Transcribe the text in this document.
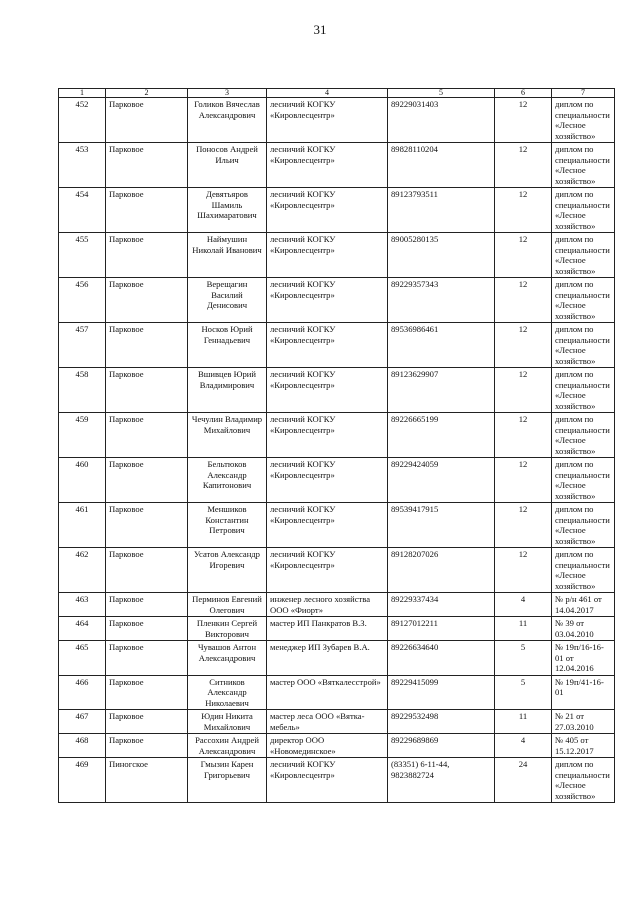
31
1	2	3	4	5	6	7
452	Парковое	Голиков Вячеслав Александрович	лесничий КОГКУ «Кировлесцентр»	89229031403	12	диплом по специальности «Лесное хозяйство»
453	Парковое	Поносов Андрей Ильич	лесничий КОГКУ «Кировлесцентр»	89828110204	12	диплом по специальности «Лесное хозяйство»
454	Парковое	Девятьяров Шамиль Шахимаратович	лесничий КОГКУ «Кировлесцентр»	89123793511	12	диплом по специальности «Лесное хозяйство»
455	Парковое	Наймушин Николай Иванович	лесничий КОГКУ «Кировлесцентр»	89005280135	12	диплом по специальности «Лесное хозяйство»
456	Парковое	Верещагин Василий Денисович	лесничий КОГКУ «Кировлесцентр»	89229357343	12	диплом по специальности «Лесное хозяйство»
457	Парковое	Носков Юрий Геннадьевич	лесничий КОГКУ «Кировлесцентр»	89536986461	12	диплом по специальности «Лесное хозяйство»
458	Парковое	Вшивцев Юрий Владимирович	лесничий КОГКУ «Кировлесцентр»	89123629907	12	диплом по специальности «Лесное хозяйство»
459	Парковое	Чечулин Владимир Михайлович	лесничий КОГКУ «Кировлесцентр»	89226665199	12	диплом по специальности «Лесное хозяйство»
460	Парковое	Бельтюков Александр Капитонович	лесничий КОГКУ «Кировлесцентр»	89229424059	12	диплом по специальности «Лесное хозяйство»
461	Парковое	Меншиков Константин Петрович	лесничий КОГКУ «Кировлесцентр»	89539417915	12	диплом по специальности «Лесное хозяйство»
462	Парковое	Усатов Александр Игоревич	лесничий КОГКУ «Кировлесцентр»	89128207026	12	диплом по специальности «Лесное хозяйство»
463	Парковое	Перминов Евгений Олегович	инженер лесного хозяйства ООО «Фиорт»	89229337434	4	№ р/н 461 от 14.04.2017
464	Парковое	Пленкин Сергей Викторович	мастер ИП Панкратов В.З.	89127012211	11	№ 39 от 03.04.2010
465	Парковое	Чувашов Антон Александрович	менеджер ИП Зубарев В.А.	89226634640	5	№ 19п/16-16-01 от 12.04.2016
466	Парковое	Ситников Александр Николаевич	мастер ООО «Вяткалесстрой»	89229415099	5	№ 19п/41-16-01
467	Парковое	Юдин Никита Михайлович	мастер леса ООО «Вятка-мебель»	89229532498	11	№ 21 от 27.03.2010
468	Парковое	Рассохин Андрей Александрович	директор ООО «Новомединское»	89229689869	4	№ 405 от 15.12.2017
469	Пиногское	Гмызин Карен Григорьевич	лесничий КОГКУ «Кировлесцентр»	(83351) 6-11-44, 9823882724	24	диплом по специальности «Лесное хозяйство»
